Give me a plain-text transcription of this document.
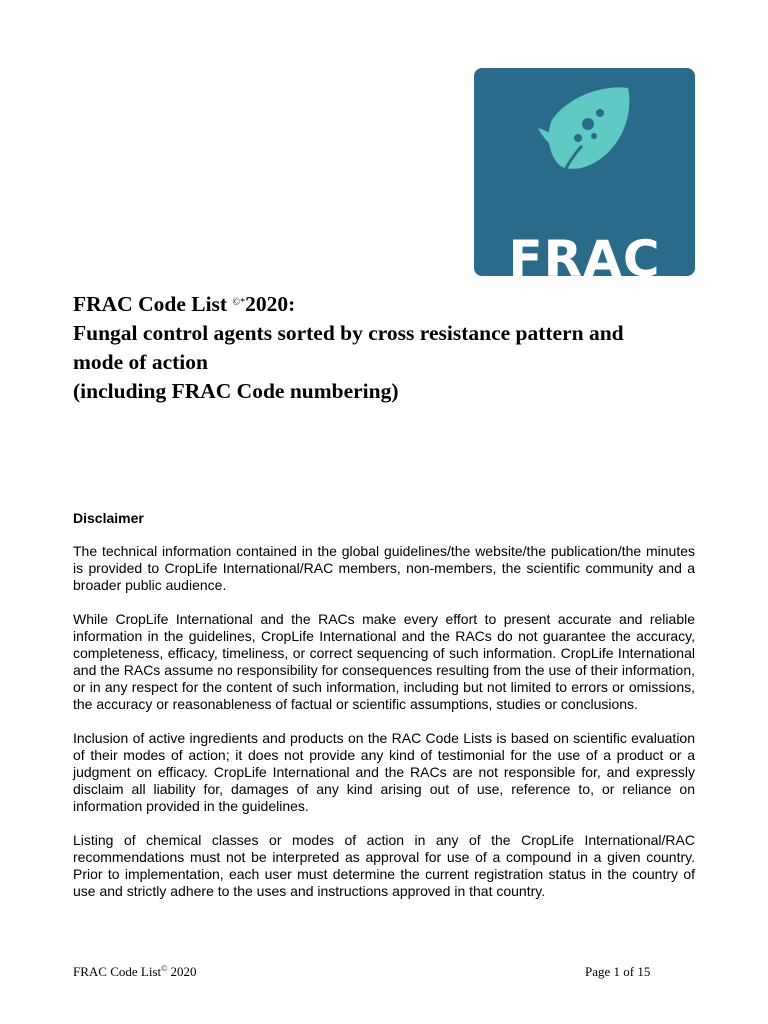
FRAC
FRAC Code List ©*2020:
Fungal control agents sorted by cross resistance pattern and
mode of action
(including FRAC Code numbering)
Disclaimer

The technical information contained in the global guidelines/the website/the publication/the minutes is provided to CropLife International/RAC members, non-members, the scientific community and a broader public audience.

While CropLife International and the RACs make every effort to present accurate and reliable information in the guidelines, CropLife International and the RACs do not guarantee the accuracy, completeness, efficacy, timeliness, or correct sequencing of such information. CropLife International and the RACs assume no responsibility for consequences resulting from the use of their information, or in any respect for the content of such information, including but not limited to errors or omissions, the accuracy or reasonableness of factual or scientific assumptions, studies or conclusions.

Inclusion of active ingredients and products on the RAC Code Lists is based on scientific evaluation of their modes of action; it does not provide any kind of testimonial for the use of a product or a judgment on efficacy. CropLife International and the RACs are not responsible for, and expressly disclaim all liability for, damages of any kind arising out of use, reference to, or reliance on information provided in the guidelines.

Listing of chemical classes or modes of action in any of the CropLife International/RAC recommendations must not be interpreted as approval for use of a compound in a given country. Prior to implementation, each user must determine the current registration status in the country of use and strictly adhere to the uses and instructions approved in that country.

FRAC Code List© 2020	Page 1 of 15
